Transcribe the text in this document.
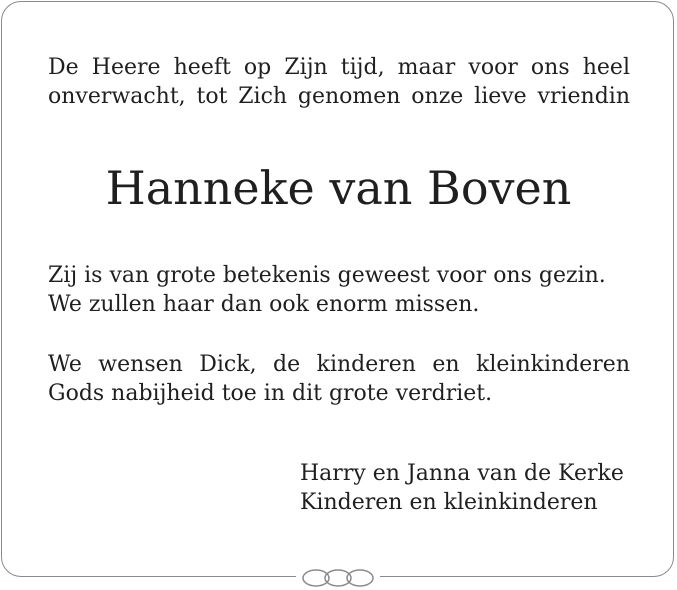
De Heere heeft op Zijn tijd, maar voor ons heel
onverwacht, tot Zich genomen onze lieve vriendin

Hanneke van Boven

Zij is van grote betekenis geweest voor ons gezin.
We zullen haar dan ook enorm missen.

We wensen Dick, de kinderen en kleinkinderen
Gods nabijheid toe in dit grote verdriet.

Harry en Janna van de Kerke
Kinderen en kleinkinderen
